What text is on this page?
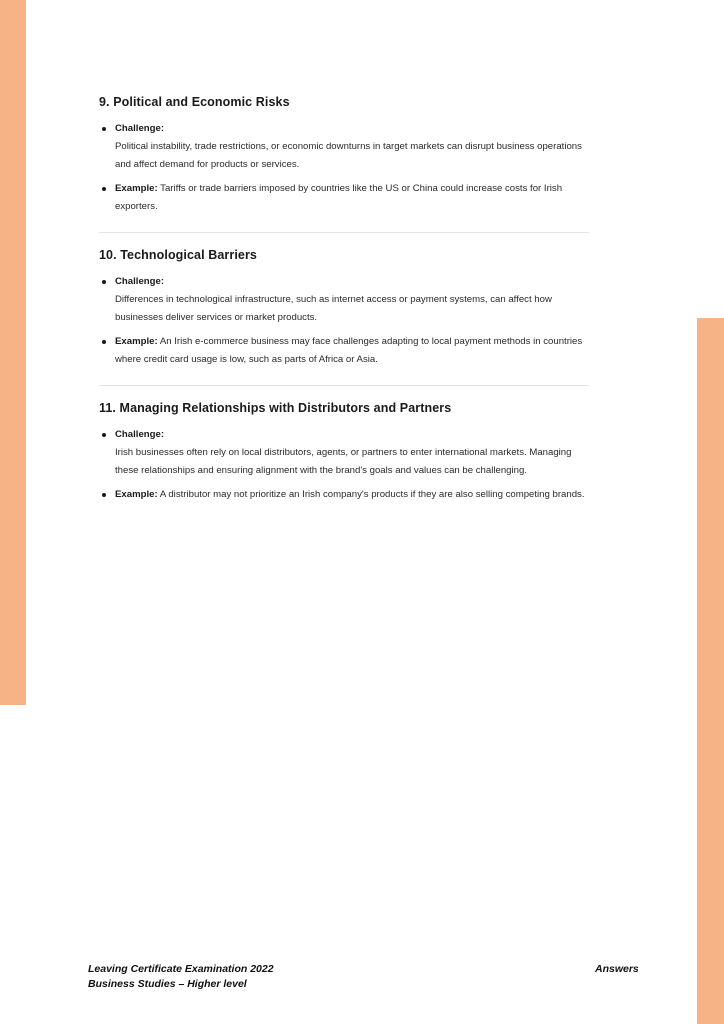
9. Political and Economic Risks
Challenge:
Political instability, trade restrictions, or economic downturns in target markets can disrupt business operations and affect demand for products or services.
Example: Tariffs or trade barriers imposed by countries like the US or China could increase costs for Irish exporters.
10. Technological Barriers
Challenge:
Differences in technological infrastructure, such as internet access or payment systems, can affect how businesses deliver services or market products.
Example: An Irish e-commerce business may face challenges adapting to local payment methods in countries where credit card usage is low, such as parts of Africa or Asia.
11. Managing Relationships with Distributors and Partners
Challenge:
Irish businesses often rely on local distributors, agents, or partners to enter international markets. Managing these relationships and ensuring alignment with the brand's goals and values can be challenging.
Example: A distributor may not prioritize an Irish company's products if they are also selling competing brands.
Leaving Certificate Examination 2022
Business Studies – Higher level
Answers
